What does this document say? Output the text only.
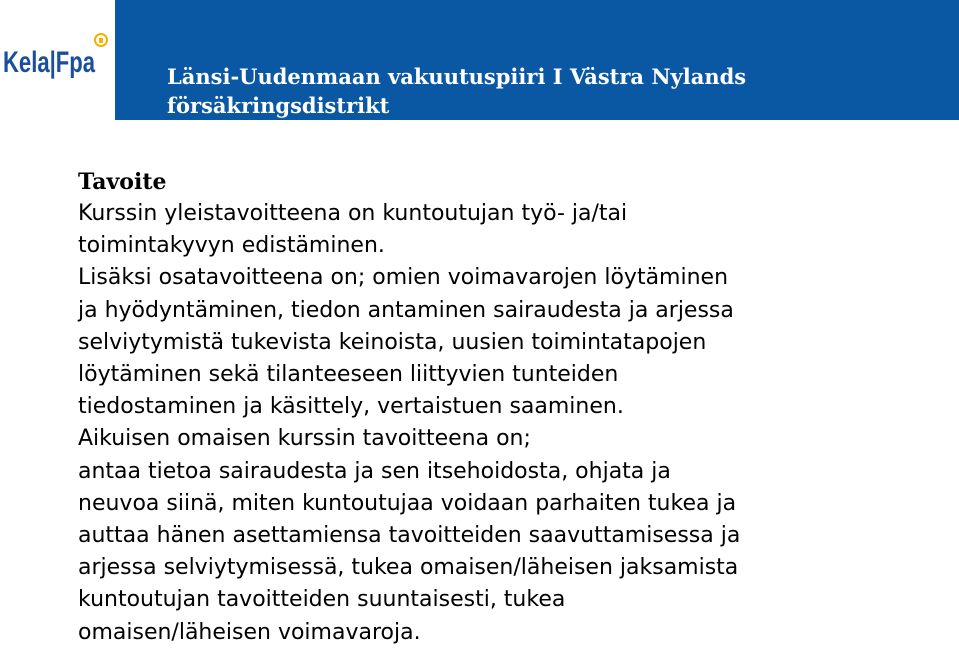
Kela|Fpa	Länsi-Uudenmaan vakuutuspiiri I Västra Nylands försäkringsdistrikt
Tavoite

Kurssin yleistavoitteena on kuntoutujan työ- ja/tai

toimintakyvyn edistäminen.

Lisäksi osatavoitteena on; omien voimavarojen löytäminen

ja hyödyntäminen, tiedon antaminen sairaudesta ja arjessa

selviytymistä tukevista keinoista, uusien toimintatapojen

löytäminen sekä tilanteeseen liittyvien tunteiden

tiedostaminen ja käsittely, vertaistuen saaminen.

Aikuisen omaisen kurssin tavoitteena on;

antaa tietoa sairaudesta ja sen itsehoidosta, ohjata ja

neuvoa siinä, miten kuntoutujaa voidaan parhaiten tukea ja

auttaa hänen asettamiensa tavoitteiden saavuttamisessa ja

arjessa selviytymisessä, tukea omaisen/läheisen jaksamista

kuntoutujan tavoitteiden suuntaisesti, tukea

omaisen/läheisen voimavaroja.
